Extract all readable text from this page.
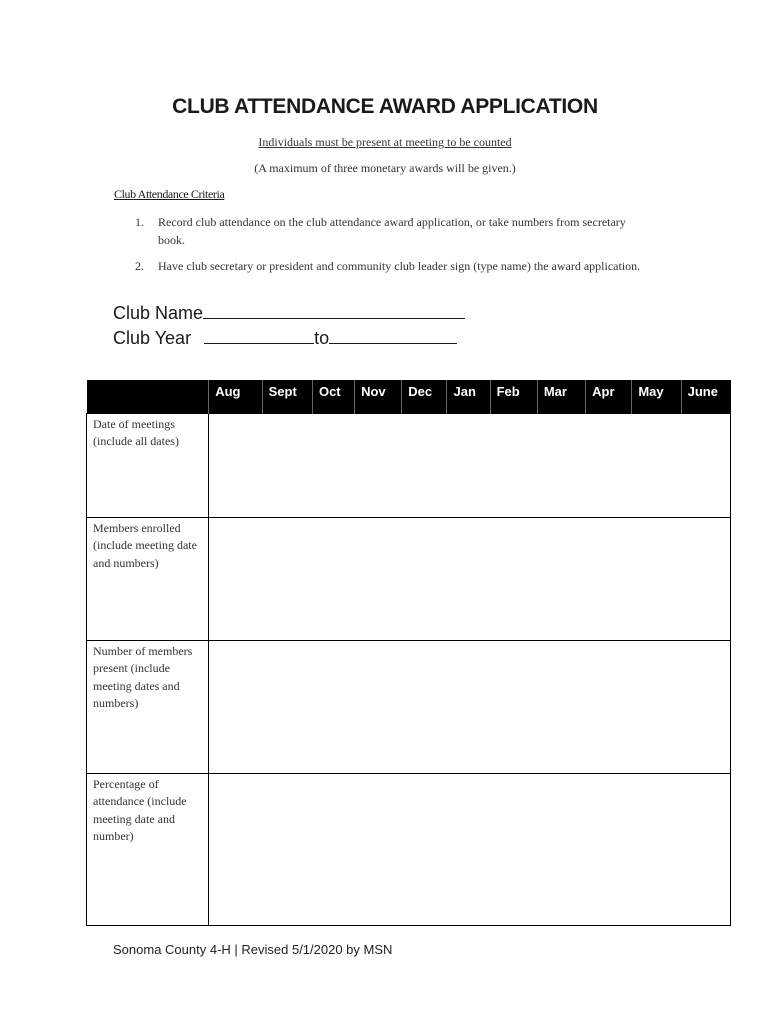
CLUB ATTENDANCE AWARD APPLICATION
Individuals must be present at meeting to be counted
(A maximum of three monetary awards will be given.)
Club Attendance Criteria
1.	Record club attendance on the club attendance award application, or take numbers from secretary book.
2.	Have club secretary or president and community club leader sign (type name) the award application.
Club Name
Club Year	to
	Aug	Sept	Oct	Nov	Dec	Jan	Feb	Mar	Apr	May	June
Date of meetings (include all dates)											
Members enrolled (include meeting date and numbers)											
Number of members present (include meeting dates and numbers)											
Percentage of attendance (include meeting date and number)											
Sonoma County 4-H | Revised 5/1/2020 by MSN
